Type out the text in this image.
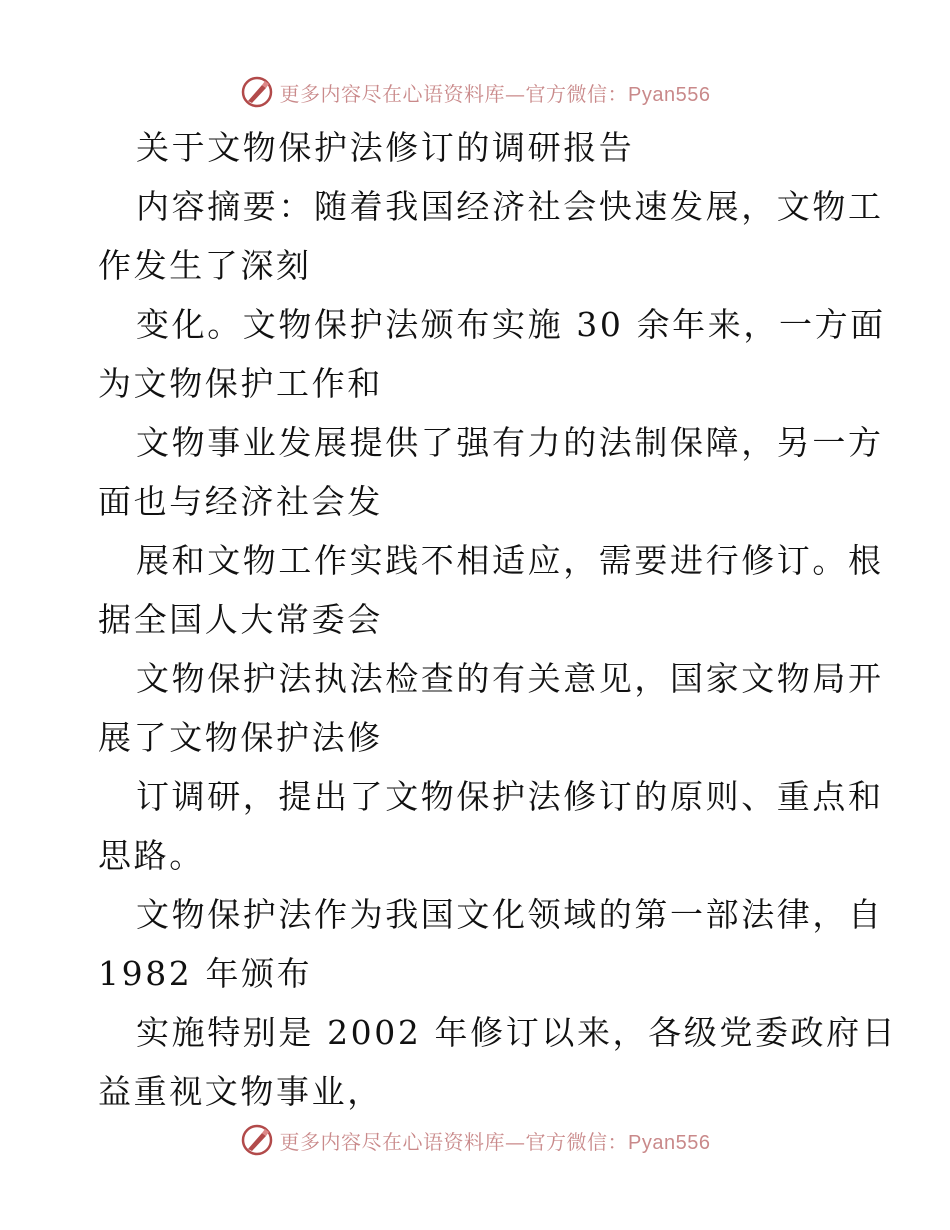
更多内容尽在心语资料库—官方微信：Pyan556
关于文物保护法修订的调研报告
内容摘要：随着我国经济社会快速发展，文物工
作发生了深刻
变化。文物保护法颁布实施 30 余年来，一方面
为文物保护工作和
文物事业发展提供了强有力的法制保障，另一方
面也与经济社会发
展和文物工作实践不相适应，需要进行修订。根
据全国人大常委会
文物保护法执法检查的有关意见，国家文物局开
展了文物保护法修
订调研，提出了文物保护法修订的原则、重点和
思路。
文物保护法作为我国文化领域的第一部法律，自
1982 年颁布
实施特别是 2002 年修订以来，各级党委政府日
益重视文物事业，
更多内容尽在心语资料库—官方微信：Pyan556
